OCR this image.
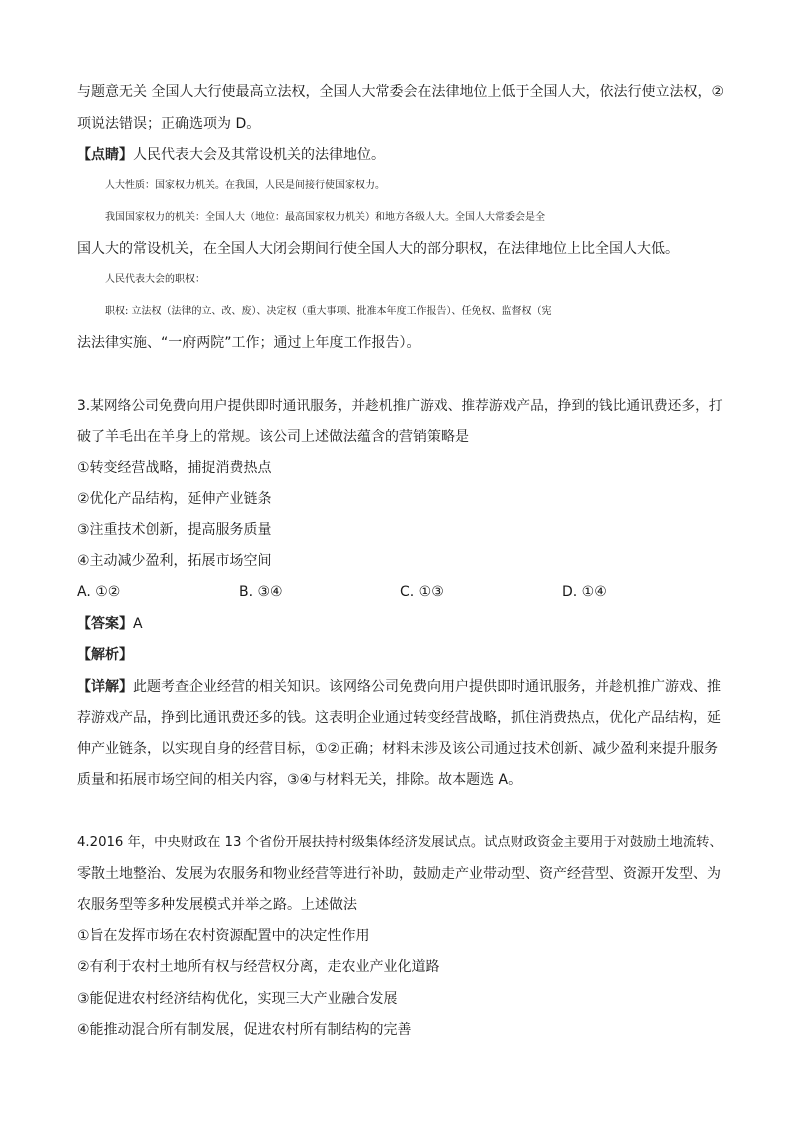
与题意无关 全国人大行使最高立法权，全国人大常委会在法律地位上低于全国人大，依法行使立法权，②
项说法错误；正确选项为 D。
【点睛】人民代表大会及其常设机关的法律地位。
人大性质：国家权力机关。在我国，人民是间接行使国家权力。
我国国家权力的机关：全国人大（地位：最高国家权力机关）和地方各级人大。全国人大常委会是全
国人大的常设机关，在全国人大闭会期间行使全国人大的部分职权，在法律地位上比全国人大低。
人民代表大会的职权：
职权: 立法权（法律的立、改、废）、决定权（重大事项、批准本年度工作报告）、任免权、监督权（宪
法法律实施、“一府两院”工作；通过上年度工作报告）。
3.某网络公司免费向用户提供即时通讯服务，并趁机推广游戏、推荐游戏产品，挣到的钱比通讯费还多，打
破了羊毛出在羊身上的常规。该公司上述做法蕴含的营销策略是
①转变经营战略，捕捉消费热点
②优化产品结构，延伸产业链条
③注重技术创新，提高服务质量
④主动减少盈利，拓展市场空间
A. ①②	B. ③④	C. ①③	D. ①④
【答案】A
【解析】
【详解】此题考查企业经营的相关知识。该网络公司免费向用户提供即时通讯服务，并趁机推广游戏、推
荐游戏产品，挣到比通讯费还多的钱。这表明企业通过转变经营战略，抓住消费热点，优化产品结构，延
伸产业链条，以实现自身的经营目标，①②正确；材料未涉及该公司通过技术创新、减少盈利来提升服务
质量和拓展市场空间的相关内容，③④与材料无关，排除。故本题选 A。
4.2016 年，中央财政在 13 个省份开展扶持村级集体经济发展试点。试点财政资金主要用于对鼓励土地流转、
零散土地整治、发展为农服务和物业经营等进行补助，鼓励走产业带动型、资产经营型、资源开发型、为
农服务型等多种发展模式并举之路。上述做法
①旨在发挥市场在农村资源配置中的决定性作用
②有利于农村土地所有权与经营权分离，走农业产业化道路
③能促进农村经济结构优化，实现三大产业融合发展
④能推动混合所有制发展，促进农村所有制结构的完善
